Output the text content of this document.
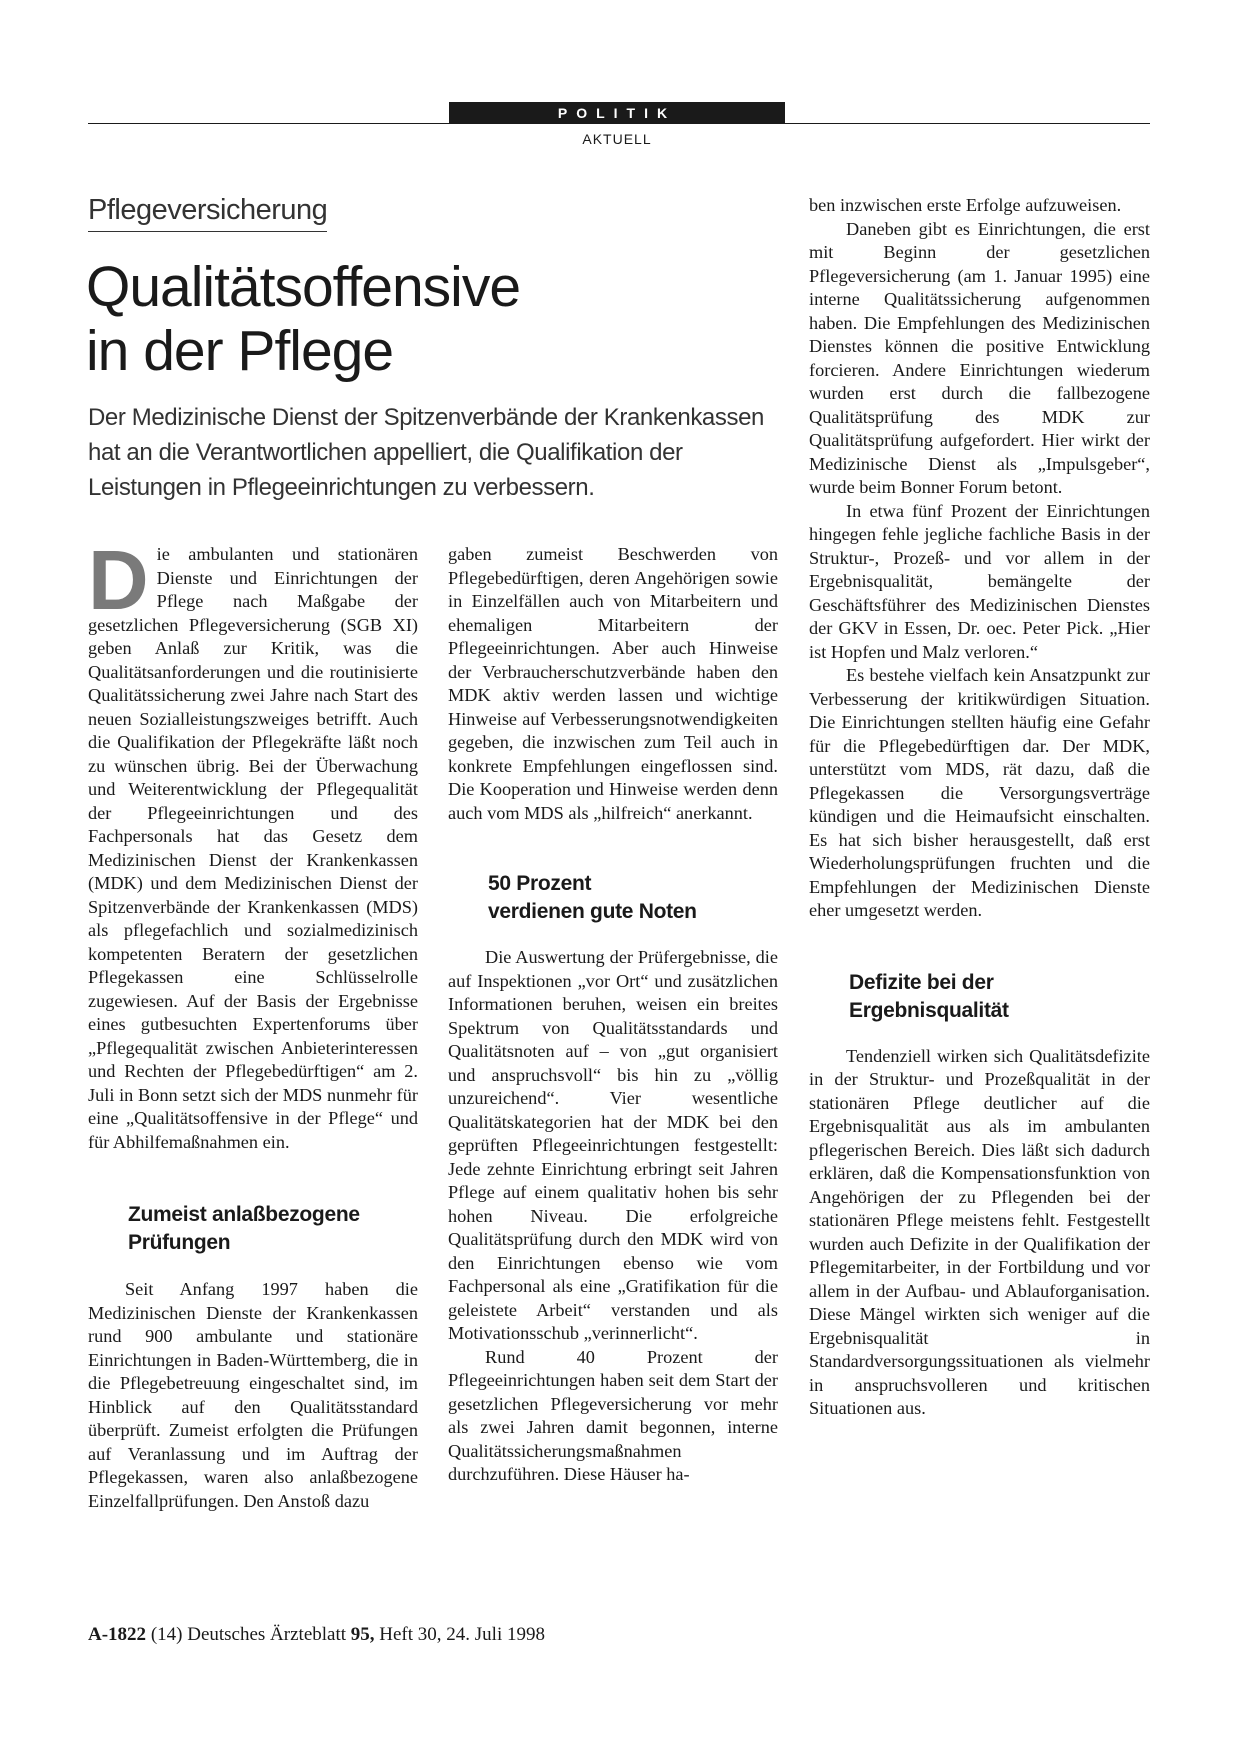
POLITIK
AKTUELL
Pflegeversicherung
Qualitätsoffensive
in der Pflege

Der Medizinische Dienst der Spitzenverbände der Krankenkassen hat an die Verantwortlichen appelliert, die Qualifikation der Leistungen in Pflegeeinrichtungen zu verbessern.

Die ambulanten und stationären Dienste und Einrichtungen der Pflege nach Maßgabe der gesetzlichen Pflegeversicherung (SGB XI) geben Anlaß zur Kritik, was die Qualitätsanforderungen und die routinisierte Qualitätssicherung zwei Jahre nach Start des neuen Sozialleistungszweiges betrifft. Auch die Qualifikation der Pflegekräfte läßt noch zu wünschen übrig. Bei der Überwachung und Weiterentwicklung der Pflegequalität der Pflegeeinrichtungen und des Fachpersonals hat das Gesetz dem Medizinischen Dienst der Krankenkassen (MDK) und dem Medizinischen Dienst der Spitzenverbände der Krankenkassen (MDS) als pflegefachlich und sozialmedizinisch kompetenten Beratern der gesetzlichen Pflegekassen eine Schlüsselrolle zugewiesen. Auf der Basis der Ergebnisse eines gutbesuchten Expertenforums über „Pflegequalität zwischen Anbieterinteressen und Rechten der Pflegebedürftigen“ am 2. Juli in Bonn setzt sich der MDS nunmehr für eine „Qualitätsoffensive in der Pflege“ und für Abhilfemaßnahmen ein.

Zumeist anlaßbezogene
Prüfungen

Seit Anfang 1997 haben die Medizinischen Dienste der Krankenkassen rund 900 ambulante und stationäre Einrichtungen in Baden-Württemberg, die in die Pflegebetreuung eingeschaltet sind, im Hinblick auf den Qualitätsstandard überprüft. Zumeist erfolgten die Prüfungen auf Veranlassung und im Auftrag der Pflegekassen, waren also anlaßbezogene Einzelfallprüfungen. Den Anstoß dazu

gaben zumeist Beschwerden von Pflegebedürftigen, deren Angehörigen sowie in Einzelfällen auch von Mitarbeitern und ehemaligen Mitarbeitern der Pflegeeinrichtungen. Aber auch Hinweise der Verbraucherschutzverbände haben den MDK aktiv werden lassen und wichtige Hinweise auf Verbesserungsnotwendigkeiten gegeben, die inzwischen zum Teil auch in konkrete Empfehlungen eingeflossen sind. Die Kooperation und Hinweise werden denn auch vom MDS als „hilfreich“ anerkannt.

50 Prozent
verdienen gute Noten

Die Auswertung der Prüfergebnisse, die auf Inspektionen „vor Ort“ und zusätzlichen Informationen beruhen, weisen ein breites Spektrum von Qualitätsstandards und Qualitätsnoten auf – von „gut organisiert und anspruchsvoll“ bis hin zu „völlig unzureichend“. Vier wesentliche Qualitätskategorien hat der MDK bei den geprüften Pflegeeinrichtungen festgestellt: Jede zehnte Einrichtung erbringt seit Jahren Pflege auf einem qualitativ hohen bis sehr hohen Niveau. Die erfolgreiche Qualitätsprüfung durch den MDK wird von den Einrichtungen ebenso wie vom Fachpersonal als eine „Gratifikation für die geleistete Arbeit“ verstanden und als Motivationsschub „verinnerlicht“.

Rund 40 Prozent der Pflegeeinrichtungen haben seit dem Start der gesetzlichen Pflegeversicherung vor mehr als zwei Jahren damit begonnen, interne Qualitätssicherungsmaßnahmen durchzuführen. Diese Häuser ha-

ben inzwischen erste Erfolge aufzuweisen.

Daneben gibt es Einrichtungen, die erst mit Beginn der gesetzlichen Pflegeversicherung (am 1. Januar 1995) eine interne Qualitätssicherung aufgenommen haben. Die Empfehlungen des Medizinischen Dienstes können die positive Entwicklung forcieren. Andere Einrichtungen wiederum wurden erst durch die fallbezogene Qualitätsprüfung des MDK zur Qualitätsprüfung aufgefordert. Hier wirkt der Medizinische Dienst als „Impulsgeber“, wurde beim Bonner Forum betont.

In etwa fünf Prozent der Einrichtungen hingegen fehle jegliche fachliche Basis in der Struktur-, Prozeß- und vor allem in der Ergebnisqualität, bemängelte der Geschäftsführer des Medizinischen Dienstes der GKV in Essen, Dr. oec. Peter Pick. „Hier ist Hopfen und Malz verloren.“

Es bestehe vielfach kein Ansatzpunkt zur Verbesserung der kritikwürdigen Situation. Die Einrichtungen stellten häufig eine Gefahr für die Pflegebedürftigen dar. Der MDK, unterstützt vom MDS, rät dazu, daß die Pflegekassen die Versorgungsverträge kündigen und die Heimaufsicht einschalten. Es hat sich bisher herausgestellt, daß erst Wiederholungsprüfungen fruchten und die Empfehlungen der Medizinischen Dienste eher umgesetzt werden.

Defizite bei der
Ergebnisqualität

Tendenziell wirken sich Qualitätsdefizite in der Struktur- und Prozeßqualität in der stationären Pflege deutlicher auf die Ergebnisqualität aus als im ambulanten pflegerischen Bereich. Dies läßt sich dadurch erklären, daß die Kompensationsfunktion von Angehörigen der zu Pflegenden bei der stationären Pflege meistens fehlt. Festgestellt wurden auch Defizite in der Qualifikation der Pflegemitarbeiter, in der Fortbildung und vor allem in der Aufbau- und Ablauforganisation. Diese Mängel wirkten sich weniger auf die Ergebnisqualität in Standardversorgungssituationen als vielmehr in anspruchsvolleren und kritischen Situationen aus.

A-1822 (14) Deutsches Ärzteblatt 95, Heft 30, 24. Juli 1998
